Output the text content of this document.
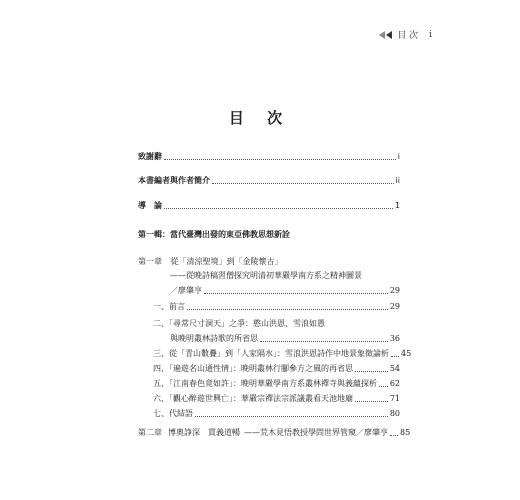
目 次 i
目 次
致謝辭	i
本書編者與作者簡介	ii
導　論	1
第一輯：當代臺灣出發的東亞佛教思想新詮
第一章 從「清涼聖境」到「金陵懷古」
——從晚詩稿習僧探究明清初華嚴學南方系之精神圖景
／廖肇亨	29
一、前言	29
二、「尋常尺寸洞天」之爭：憨山洪恩、雪浪如愚
與晚明叢林詩歌的所省思	36
三、從「青山數疊」到「人家隔水」：雪浪洪恩詩作中地景象徵論析 45
四、「遍遊名山通性情」：晚明叢林行腳參方之風的再省思	54
五、「江南春色竟如許」：晚明華嚴學南方系叢林禪寺與義蘊探析 62
六、「觀心醉遊世興亡」：華嚴宗禪法宗派議叢看天池地廟	71
七、代結語	80
第二章 博奧諍深　貫義道暢 ——荒木見悟教授學問世界管窺 ／廖肇亨 85
